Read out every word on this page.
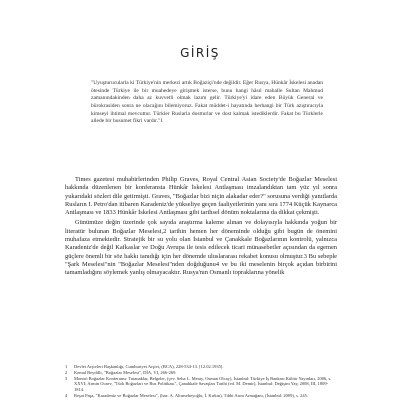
GİRİŞ

"Uyuşturucularla ki Türkiye'nin merkezi artık Boğaziçi'nde değildir. Eğer Rusya, Hünkâr İskelesi anadan ötesinde Türkiye ile bir muahedeye girişmek isterse, bunu hangi hâsıl mahalle Sultan Mahmud zamanındakinden daha az kuvvetli olmak lazım gelir. Türkiye'yi idare eden Büyük General ve bürokrasiden sonra ne olacağını bilemiyoruz. Fakat müddet-i hayatında herhangi bir Türk azıştıracıyla kimseyi ihtimal mevcuttur. Türkler Ruslarla dostturlar ve dost kalmak istediklerdir. Fakat bu Türklerle ailede bir husumet fikri vardır."1

Times gazetesi muhabirlerinden Philip Graves, Royal Central Asian Society'de Boğazlar Meselesi hakkında düzenlenen bir konferansta Hünkâr İskelesi Antlaşması imzalandıktan tam yüz yıl sonra yukarıdaki sözleri dile getirmişti. Graves, "Boğazlar bizi niçin alakadar eder?" sorusuna verdiği yanıtlarda Rusların I. Petro'dan itibaren Karadeniz'de yükseliye geçen faaliyetlerinin yanı sıra 1774 Küçük Kaynarca Antlaşması ve 1833 Hünkâr İskelesi Antlaşması gibi tarihsel dönüm noktalarına da dikkat çekmişti.

Günümüze değin üzerinde çok sayıda araştırma kaleme alınan ve dolayısıyla hakkında yoğun bir literatür bulunan Boğazlar Meselesi,2 tarihin hemen her döneminde olduğu gibi bugün de önemini muhafaza etmektedir. Stratejik bir su yolu olan İstanbul ve Çanakkale Boğazlarının kontrolü, yalnızca Karadeniz'de değil Kafkaslar ve Doğu Avrupa ile tesis edilecek ticari münasebetler açısından da egemen güçlere önemli bir söz hakkı tanıdığı için her dönemde uluslararası rekabet konusu olmuştur.3 Bu sebeple "Şark Meselesi"nin "Boğazlar Meselesi"nden doğduğunu4 ve bu iki meselenin birçok açıdan birbirini tamamladığını söylemek yanlış olmayacaktır. Rusya'nın Osmanlı topraklarına yönelik

1	Devlet Arşivleri Başkanlığı, Cumhuriyet Arşivi, (BCA), 228-534-13. [12.02.1935].
2	Kemal Beydilli, "Boğazlar Meselesi", DİA, VI, 266-269.
3	Montrö Boğazlar Konferansı: Tutanaklar, Belgeler, (çev. Seha L. Meray, Osman Olcay), İstanbul: Türkiye İş Bankası Kültür Yayınları, 2006, s. XXVI; Armin Ocaev, "Türk Boğazları ve Rus Politikası", Çanakkale Savaşları Tarihi (ed. M. Demir), İstanbul: Değişim Yay, 2008, III, 1809-1814.
4	Reşat Paşa, "Karadeniz ve Boğazlar Meselesi", (haz. A. Altınsebeyoğlu, İ. Kırkın), Tıbbi Arım Armağanı, (İstanbul: 2009), s. 245.
